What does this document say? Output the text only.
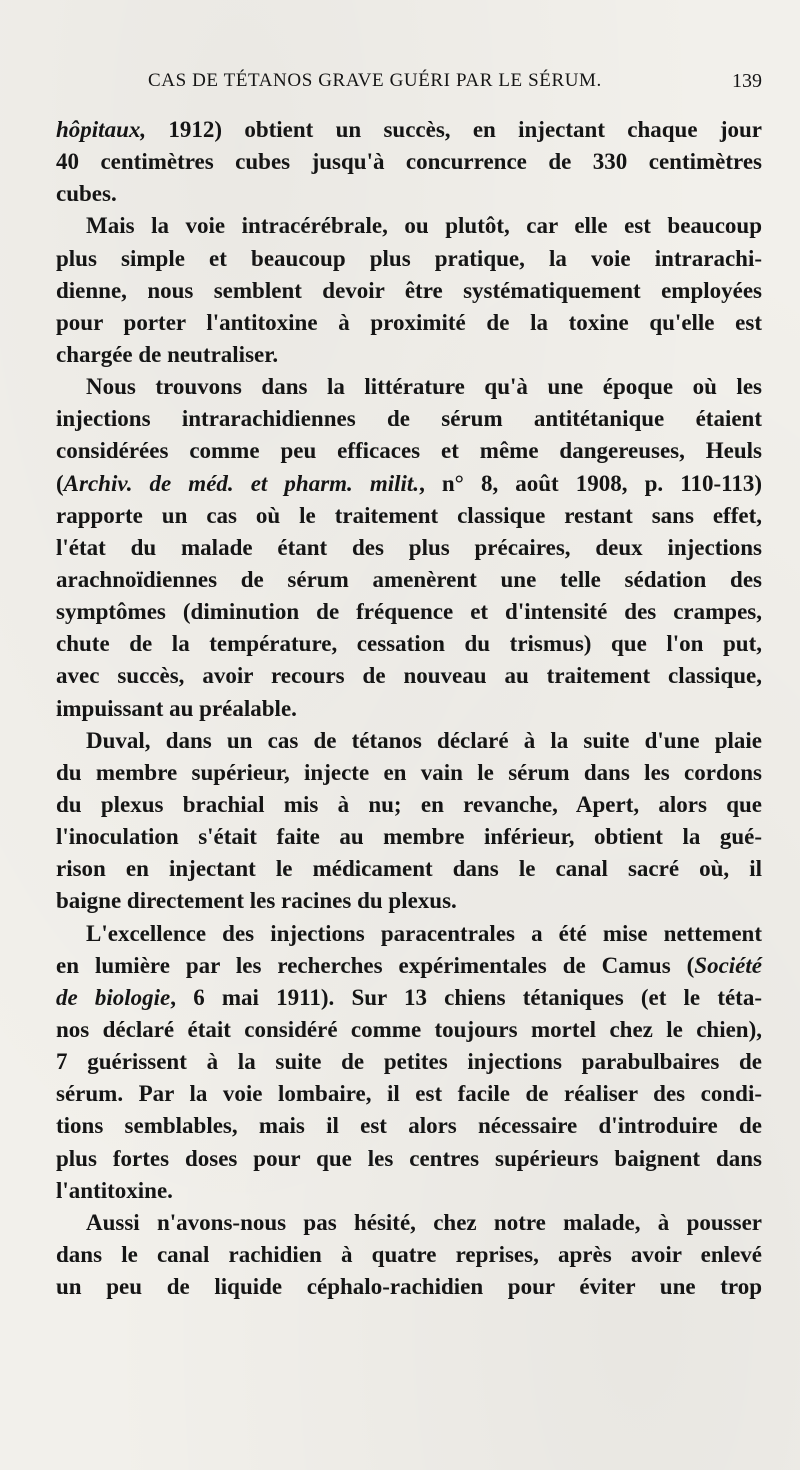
CAS DE TÉTANOS GRAVE GUÉRI PAR LE SÉRUM.	139
hôpitaux, 1912) obtient un succès, en injectant chaque jour
40 centimètres cubes jusqu'à concurrence de 330 centimètres
cubes.
Mais la voie intracérébrale, ou plutôt, car elle est beaucoup
plus simple et beaucoup plus pratique, la voie intrarachi-
dienne, nous semblent devoir être systématiquement employées
pour porter l'antitoxine à proximité de la toxine qu'elle est
chargée de neutraliser.
Nous trouvons dans la littérature qu'à une époque où les
injections intrarachidiennes de sérum antitétanique étaient
considérées comme peu efficaces et même dangereuses, Heuls
(Archiv. de méd. et pharm. milit., n° 8, août 1908, p. 110-113)
rapporte un cas où le traitement classique restant sans effet,
l'état du malade étant des plus précaires, deux injections
arachnoïdiennes de sérum amenèrent une telle sédation des
symptômes (diminution de fréquence et d'intensité des crampes,
chute de la température, cessation du trismus) que l'on put,
avec succès, avoir recours de nouveau au traitement classique,
impuissant au préalable.
Duval, dans un cas de tétanos déclaré à la suite d'une plaie
du membre supérieur, injecte en vain le sérum dans les cordons
du plexus brachial mis à nu; en revanche, Apert, alors que
l'inoculation s'était faite au membre inférieur, obtient la gué-
rison en injectant le médicament dans le canal sacré où, il
baigne directement les racines du plexus.
L'excellence des injections paracentrales a été mise nettement
en lumière par les recherches expérimentales de Camus (Société
de biologie, 6 mai 1911). Sur 13 chiens tétaniques (et le téta-
nos déclaré était considéré comme toujours mortel chez le chien),
7 guérissent à la suite de petites injections parabulbaires de
sérum. Par la voie lombaire, il est facile de réaliser des condi-
tions semblables, mais il est alors nécessaire d'introduire de
plus fortes doses pour que les centres supérieurs baignent dans
l'antitoxine.
Aussi n'avons-nous pas hésité, chez notre malade, à pousser
dans le canal rachidien à quatre reprises, après avoir enlevé
un peu de liquide céphalo-rachidien pour éviter une trop
